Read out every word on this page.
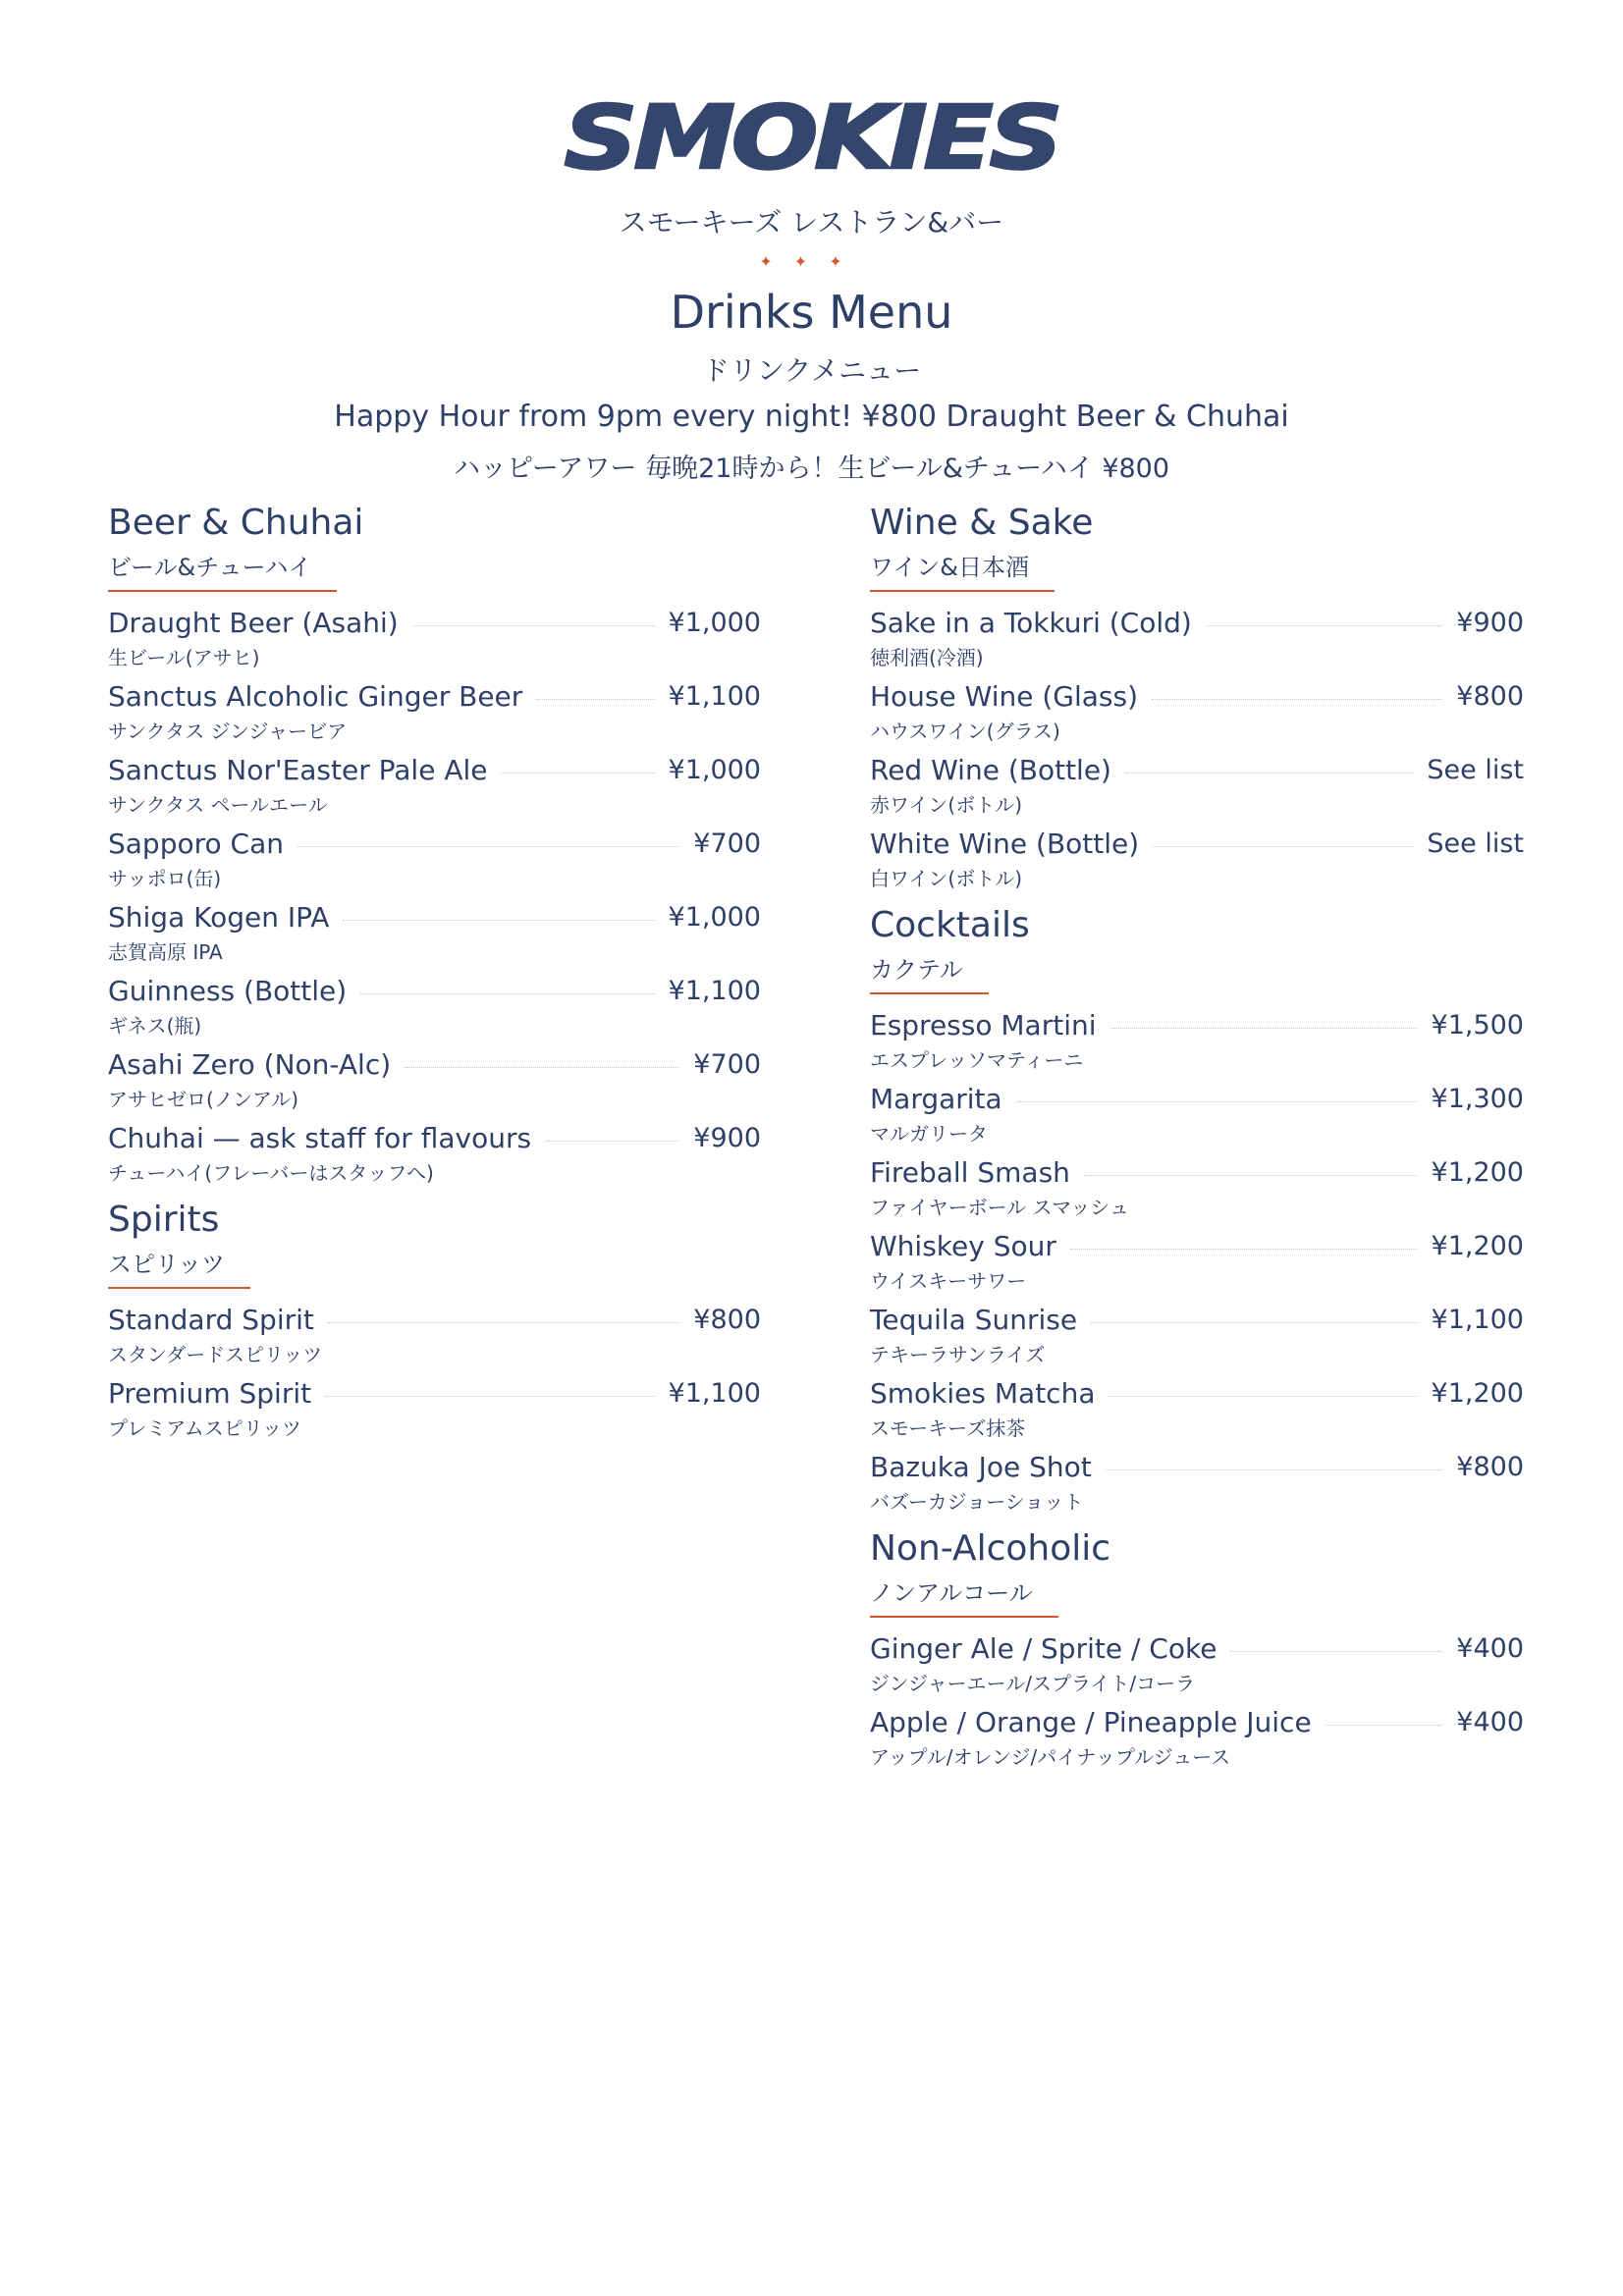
SMOKIES
スモーキーズ レストラン&バー
✦✦✦
Drinks Menu
ドリンクメニュー
Happy Hour from 9pm every night! ¥800 Draught Beer & Chuhai
ハッピーアワー 毎晩21時から！生ビール&チューハイ ¥800
Beer & Chuhai
ビール&チューハイ
Draught Beer (Asahi)	¥1,000
生ビール(アサヒ)
Sanctus Alcoholic Ginger Beer	¥1,100
サンクタス ジンジャービア
Sanctus Nor'Easter Pale Ale	¥1,000
サンクタス ペールエール
Sapporo Can	¥700
サッポロ(缶)
Shiga Kogen IPA	¥1,000
志賀高原 IPA
Guinness (Bottle)	¥1,100
ギネス(瓶)
Asahi Zero (Non-Alc)	¥700
アサヒゼロ(ノンアル)
Chuhai — ask staff for flavours	¥900
チューハイ(フレーバーはスタッフへ)
Spirits
スピリッツ
Standard Spirit	¥800
スタンダードスピリッツ
Premium Spirit	¥1,100
プレミアムスピリッツ
Wine & Sake
ワイン&日本酒
Sake in a Tokkuri (Cold)	¥900
徳利酒(冷酒)
House Wine (Glass)	¥800
ハウスワイン(グラス)
Red Wine (Bottle)	See list
赤ワイン(ボトル)
White Wine (Bottle)	See list
白ワイン(ボトル)
Cocktails
カクテル
Espresso Martini	¥1,500
エスプレッソマティーニ
Margarita	¥1,300
マルガリータ
Fireball Smash	¥1,200
ファイヤーボール スマッシュ
Whiskey Sour	¥1,200
ウイスキーサワー
Tequila Sunrise	¥1,100
テキーラサンライズ
Smokies Matcha	¥1,200
スモーキーズ抹茶
Bazuka Joe Shot	¥800
バズーカジョーショット
Non-Alcoholic
ノンアルコール
Ginger Ale / Sprite / Coke	¥400
ジンジャーエール/スプライト/コーラ
Apple / Orange / Pineapple Juice	¥400
アップル/オレンジ/パイナップルジュース
